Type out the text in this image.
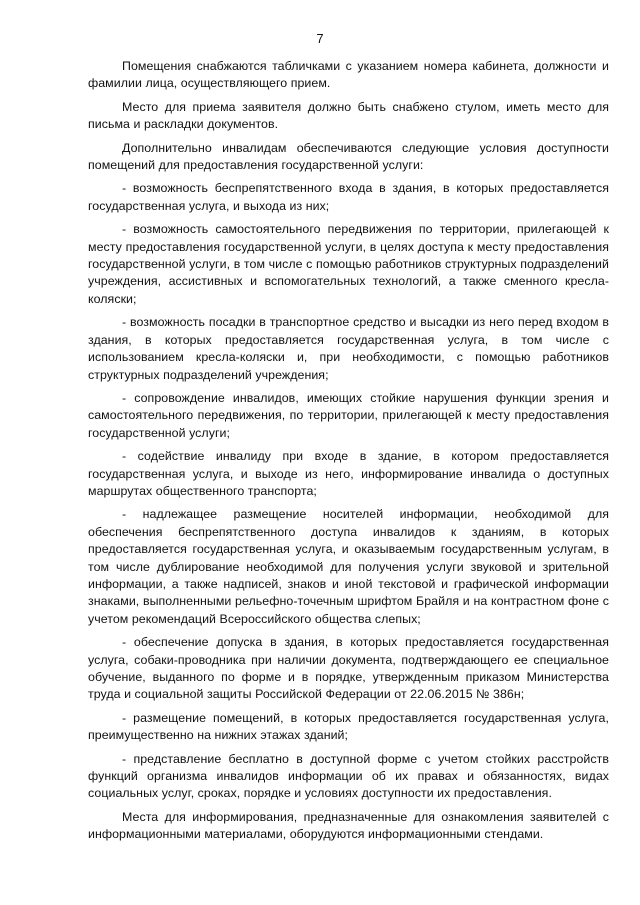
7

Помещения снабжаются табличками с указанием номера кабинета, должности и фамилии лица, осуществляющего прием.

Место для приема заявителя должно быть снабжено стулом, иметь место для письма и раскладки документов.

Дополнительно инвалидам обеспечиваются следующие условия доступности помещений для предоставления государственной услуги:

- возможность беспрепятственного входа в здания, в которых предоставляется государственная услуга, и выхода из них;

- возможность самостоятельного передвижения по территории, прилегающей к месту предоставления государственной услуги, в целях доступа к месту предоставления государственной услуги, в том числе с помощью работников структурных подразделений учреждения, ассистивных и вспомогательных технологий, а также сменного кресла-коляски;

- возможность посадки в транспортное средство и высадки из него перед входом в здания, в которых предоставляется государственная услуга, в том числе с использованием кресла-коляски и, при необходимости, с помощью работников структурных подразделений учреждения;

- сопровождение инвалидов, имеющих стойкие нарушения функции зрения и самостоятельного передвижения, по территории, прилегающей к месту предоставления государственной услуги;

- содействие инвалиду при входе в здание, в котором предоставляется государственная услуга, и выходе из него, информирование инвалида о доступных маршрутах общественного транспорта;

- надлежащее размещение носителей информации, необходимой для обеспечения беспрепятственного доступа инвалидов к зданиям, в которых предоставляется государственная услуга, и оказываемым государственным услугам, в том числе дублирование необходимой для получения услуги звуковой и зрительной информации, а также надписей, знаков и иной текстовой и графической информации знаками, выполненными рельефно-точечным шрифтом Брайля и на контрастном фоне с учетом рекомендаций Всероссийского общества слепых;

- обеспечение допуска в здания, в которых предоставляется государственная услуга, собаки-проводника при наличии документа, подтверждающего ее специальное обучение, выданного по форме и в порядке, утвержденным приказом Министерства труда и социальной защиты Российской Федерации от 22.06.2015 № 386н;

- размещение помещений, в которых предоставляется государственная услуга, преимущественно на нижних этажах зданий;

- представление бесплатно в доступной форме с учетом стойких расстройств функций организма инвалидов информации об их правах и обязанностях, видах социальных услуг, сроках, порядке и условиях доступности их предоставления.

Места для информирования, предназначенные для ознакомления заявителей с информационными материалами, оборудуются информационными стендами.
